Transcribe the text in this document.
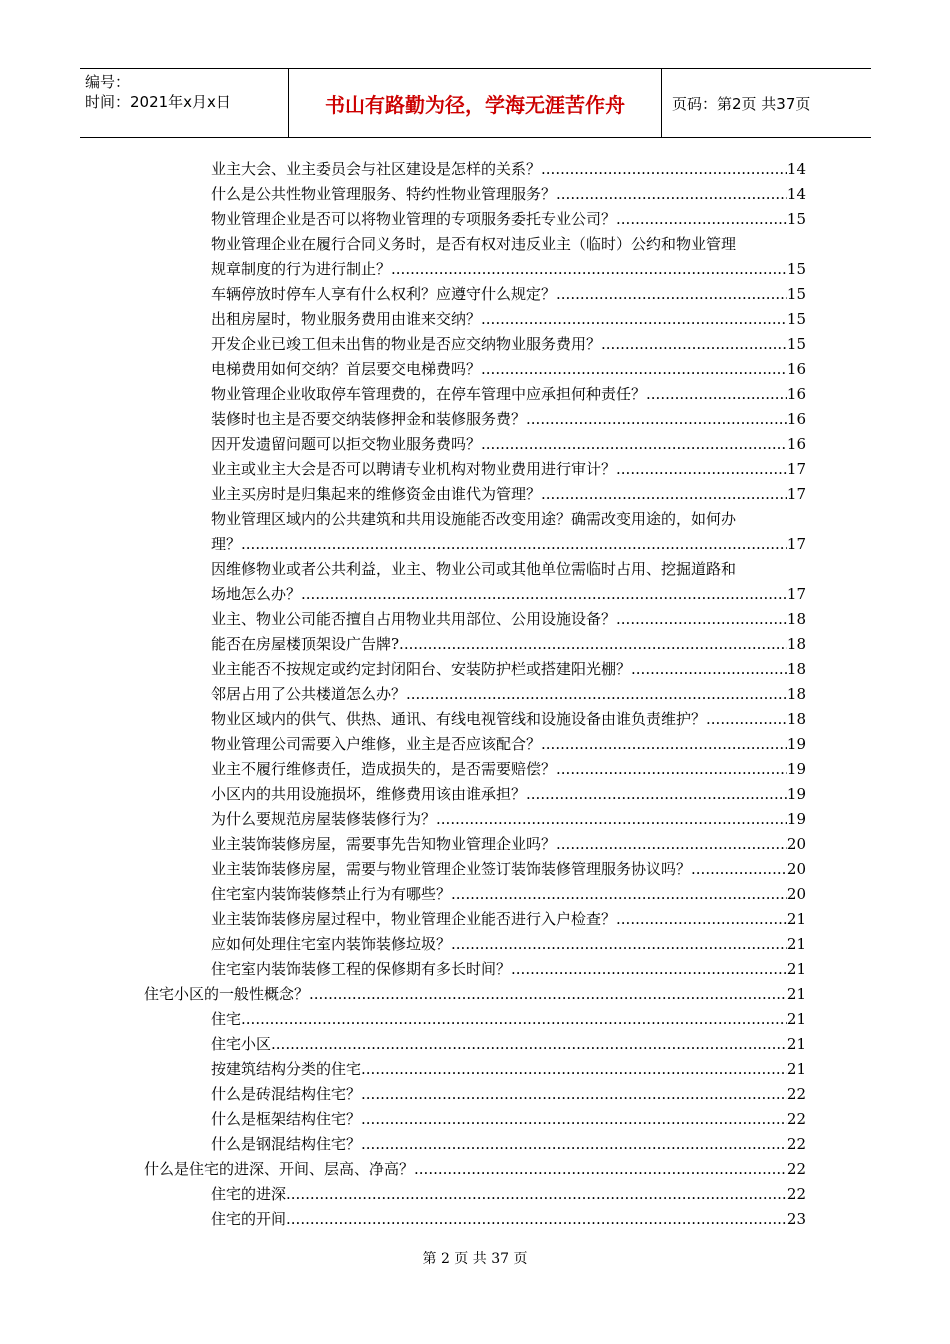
编号：
时间：2021年x月x日	书山有路勤为径，学海无涯苦作舟	页码：第2页 共37页
业主大会、业主委员会与社区建设是怎样的关系？ .....	14
什么是公共性物业管理服务、特约性物业管理服务？ .....	14
物业管理企业是否可以将物业管理的专项服务委托专业公司？ .....	15
物业管理企业在履行合同义务时，是否有权对违反业主（临时）公约和物业管理
规章制度的行为进行制止？ .....	15
车辆停放时停车人享有什么权利？应遵守什么规定？ .....	15
出租房屋时，物业服务费用由谁来交纳？ .....	15
开发企业已竣工但未出售的物业是否应交纳物业服务费用？ .....	15
电梯费用如何交纳？首层要交电梯费吗？ .....	16
物业管理企业收取停车管理费的，在停车管理中应承担何种责任？ .....	16
装修时也主是否要交纳装修押金和装修服务费？ .....	16
因开发遗留问题可以拒交物业服务费吗？ .....	16
业主或业主大会是否可以聘请专业机构对物业费用进行审计？ .....	17
业主买房时是归集起来的维修资金由谁代为管理？ .....	17
物业管理区域内的公共建筑和共用设施能否改变用途？确需改变用途的，如何办
理？ .....	17
因维修物业或者公共利益，业主、物业公司或其他单位需临时占用、挖掘道路和
场地怎么办？ .....	17
业主、物业公司能否擅自占用物业共用部位、公用设施设备？ .....	18
能否在房屋楼顶架设广告牌? .....	18
业主能否不按规定或约定封闭阳台、安装防护栏或搭建阳光棚？ .....	18
邻居占用了公共楼道怎么办？ .....	18
物业区域内的供气、供热、通讯、有线电视管线和设施设备由谁负责维护？ .....	18
物业管理公司需要入户维修，业主是否应该配合？ .....	19
业主不履行维修责任，造成损失的，是否需要赔偿？ .....	19
小区内的共用设施损坏，维修费用该由谁承担？ .....	19
为什么要规范房屋装修装修行为？ .....	19
业主装饰装修房屋，需要事先告知物业管理企业吗？ .....	20
业主装饰装修房屋，需要与物业管理企业签订装饰装修管理服务协议吗？ .....	20
住宅室内装饰装修禁止行为有哪些？ .....	20
业主装饰装修房屋过程中，物业管理企业能否进行入户检查？ .....	21
应如何处理住宅室内装饰装修垃圾？ .....	21
住宅室内装饰装修工程的保修期有多长时间？ .....	21
住宅小区的一般性概念？ .....	21
住宅 .....	21
住宅小区 .....	21
按建筑结构分类的住宅 .....	21
什么是砖混结构住宅？ .....	22
什么是框架结构住宅？ .....	22
什么是钢混结构住宅？ .....	22
什么是住宅的进深、开间、层高、净高？ .....	22
住宅的进深 .....	22
住宅的开间 .....	23
第 2 页 共 37 页
